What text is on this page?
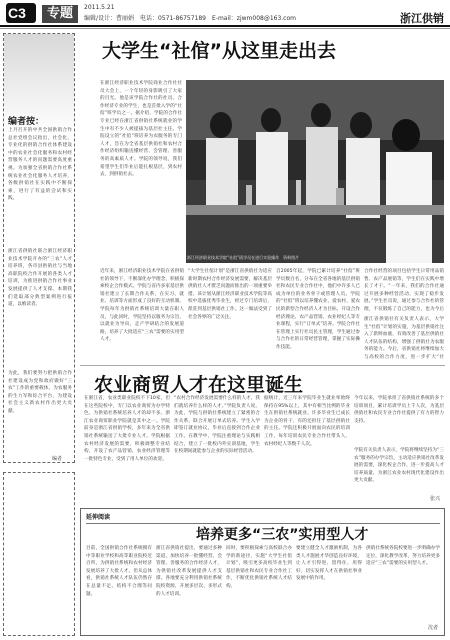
C3	专题	2011.5.21
编辑/设计：曹丽娟　电话：0571-86757189　E-mail：zjwm008@163.com	浙江供销
编者按：
上月召开的中共全国供销合作总社党组会议指出，社会化、专业化的供销合作社体系建设中的农业社会化服务和农村经营服务人才的问题需要高度重视。为加强全省供销合作社系统农业社会化服务人才培养，各级供销社在实践中不断探索，进行了有益的尝试和实践。
浙江省供销社联合浙江经济职业技术学院开办的“三农”人才培养班，各市县供销社与当地高职院校合作开展的各类人才培训，为推进供销合作社事业发展提供了人才支撑。本期我们选取部分典型案例进行报道，以飨读者。
为此，我们要努力把供销合作社建设成为党和政府做好“三农”工作的重要载体、为农服务的生力军和综合平台，为建设社会主义新农村作出更大贡献。
编者
大学生“社倌”从这里走出去
在浙江经济职业技术学院商业合作社社员大会上，一个年轻的身影吸引了大家的目光。他是该学院合作社的社员、合作经济专业的学生，也是首批入学的“社倌”班学员之一。据介绍，学院的合作社专业已经在浙江省供销社系统就业的学生中有不少人被提拔为基层社主任。学院设立的“社倌”班培养为农服务的专门人才，旨在为全省基层供销社和农村合作经济组织输送懂经营、会管理、善服务的高素质人才。学院的领导说，我们希望学生们毕业后能扎根基层，到农村去，到供销社去。
浙江经济职业技术学院“社倌”班学员在进行实验操作　资料图片
近年来，浙江经济职业技术学院在省供销社的领导下，不断深化办学理念，积极探索校企合作模式。学院与省内多家基层供销社建立了长期合作关系，在实习、就业、培训等方面形成了良好的互动机制。学院每年为供销社系统培训大量在职人员，与此同时，学院坚持以服务为宗旨，以就业为导向，走产学研结合的发展道路，培养了大批适应“三农”需要的实用型人才。
“大学生社倌计划”是浙江省供销社为适应新时期农村合作经济发展需要，解决基层供销社人才匮乏问题而推出的一项重要举措。该计划从浙江经济职业技术学院等高校中选拔优秀毕业生，经过专门培训后，派驻到基层供销社工作。这一做法受到了社会各界的广泛关注。
自2005年起，学院已累计培养“社倌”班学员数百名，分布在全省各地的基层供销社和农民专业合作社中，他们中许多人已成为单位的业务骨干或管理人员。学院的“社倌”班以培养懂农业、爱农村、爱农民的新型合作经济人才为目标，开设合作经济理论、农产品营销、农业经纪人等专业课程，实行“订单式”培养。学院合作社在管理上实行社员民主管理，学生通过参与合作社的日常经营管理，掌握了实际操作技能。
合作社经营的项目包括学生日常用品销售、农产品展销等，学生们在实践中增长了才干。“一年来，我们的合作社通过开展多种经营活动，实现了稳步发展。”学生社员说，通过参与合作社的管理，不仅锻炼了自己的能力，也为今后
浙江省供销社有关负责人表示，大学生“社倌”计划的实施，为基层供销社注入了新鲜血液，有效改善了基层供销社人才队伍的结构，增强了供销社为农服务的能力。今后，省供销社将继续加大与高校的合作力度，进一步扩大“社
农业商贸人才在这里诞生
在浙江省，农业类职业院校不下10家，但在这些院校中，专门以农业商贸为办学特色、为供销社系统培养人才的却不多。浙江农业商贸职业学院就是其中之一。学院前身是浙江省供销学校，多年来为全省供销社系统输送了大批专业人才。学院根据农村经济发展的需要，积极调整专业结构，开设了农产品营销、农业经济管理等一批特色专业，受到了用人单位的欢迎。
“农村合作经济发展需要什么样的人才，我们就培养什么样的人才。”学院负责人说。为此，学院与供销社系统建立了紧密的合作关系，联合开展订单式培养。学生入学即签订就业协议，毕业后直接到合作企业工作。在教学中，学院注重理论与实践相结合，建立了一批校内外实训基地，学生在校期间就能参与企业的实际经营活动。
据统计，近三年来学院毕业生就业率始终保持在95%以上，其中有相当比例的毕业生在供销社系统就业。许多毕业生已成长为企业的骨干，有的还担任了基层供销社的主任。学院还积极开展面向农民的培训工作，每年培训农民专业合作社带头人、农村经纪人等数千人次。
今年以来，学院承担了省供销社系统的多个培训项目，累计培训学员上千人次，为基层供销社和农民专业合作社提供了有力的智力支持。
学院有关负责人表示，学院将继续坚持为“三农”服务的办学宗旨，主动适应供销社改革发展的需要，深化校企合作，进一步提高人才培养质量，为浙江农业农村现代化建设作出更大贡献。
张兴
延伸阅读
培养更多“三农”实用型人才
目前，全国供销合作社系统拥有中等职业学校和高等职业院校近百所，为供销社系统和农村经济发展培养了大批人才。但从总体看，供销社系统人才队伍仍然存在总量不足、结构不合理等问题。
浙江省供销社提出，要通过多种渠道，加快培养一批懂经营、会管理、善服务的合作经济人才，为供销社改革发展提供人才支撑。各地要充分利用供销社系统院校资源，开展多层次、多形式的人才培训。
同时，要积极探索与高校联合办学的新途径，实施“大学生社倌计划”，吸引更多高校毕业生到基层供销社和农民专业合作社工作，不断优化供销社系统人才结构。
要建立健全人才激励机制，为各类人才施展才华创造良好环境，让人才引得进、留得住、用得好，切实发挥人才在供销社事业发展中的作用。
供销社系统各院校要进一步明确办学定位，深化教学改革，努力培养更多适应“三农”需要的实用型人才。
沈者
